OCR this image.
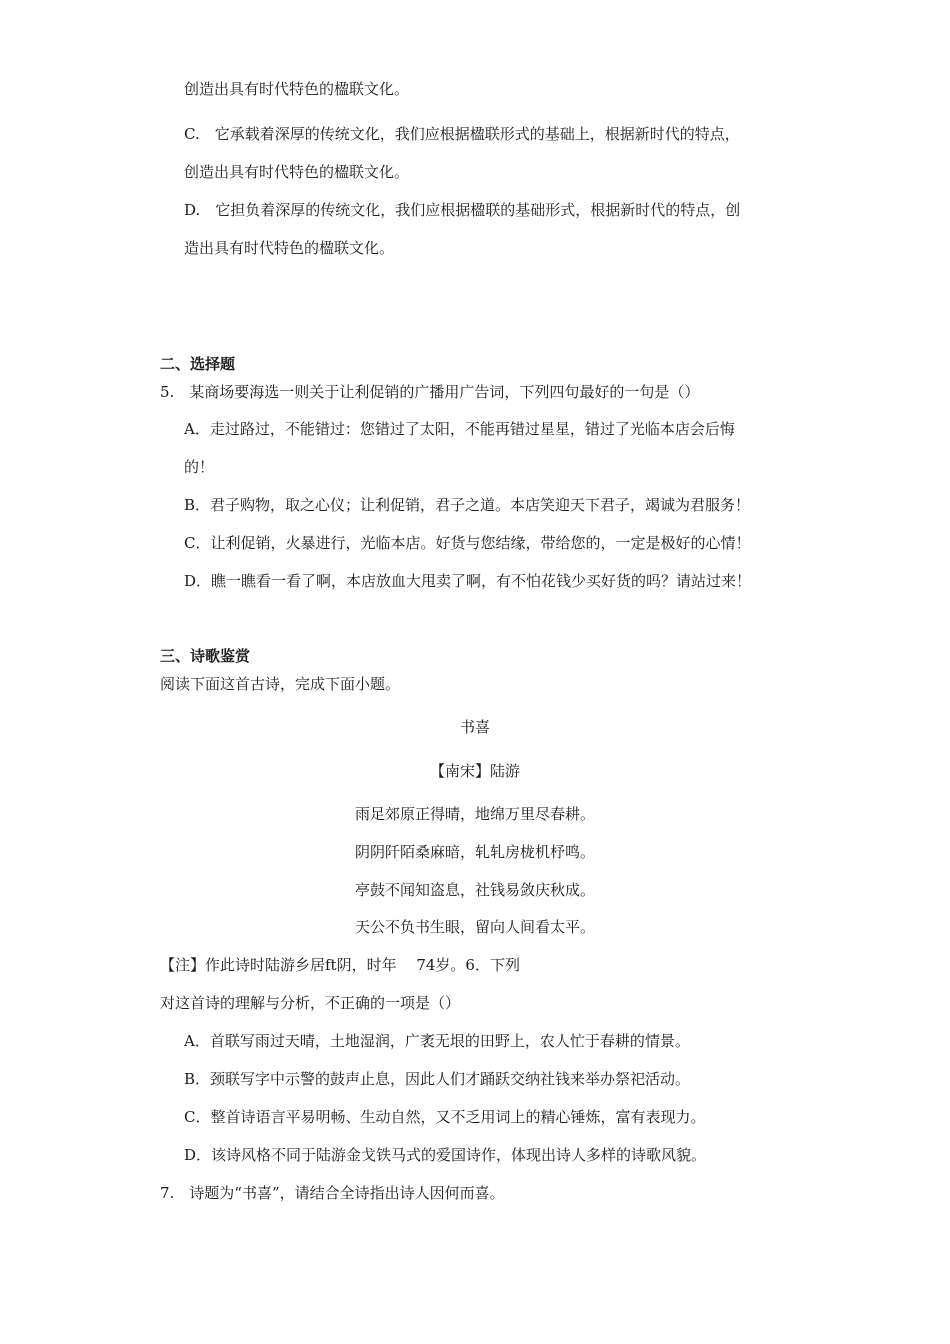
创造出具有时代特色的楹联文化。
C.　它承载着深厚的传统文化，我们应根据楹联形式的基础上，根据新时代的特点，
创造出具有时代特色的楹联文化。
D.　它担负着深厚的传统文化，我们应根据楹联的基础形式，根据新时代的特点，创
造出具有时代特色的楹联文化。
二、选择题
5.　某商场要海选一则关于让利促销的广播用广告词，下列四句最好的一句是（）
A．走过路过，不能错过：您错过了太阳，不能再错过星星，错过了光临本店会后悔
的！
B．君子购物，取之心仪；让利促销，君子之道。本店笑迎天下君子，竭诚为君服务！
C．让利促销，火暴进行，光临本店。好货与您结缘，带给您的，一定是极好的心情！
D．瞧一瞧看一看了啊，本店放血大甩卖了啊，有不怕花钱少买好货的吗？请站过来！
三、诗歌鉴赏
阅读下面这首古诗，完成下面小题。
书喜
【南宋】陆游
雨足郊原正得晴，地绵万里尽春耕。
阴阴阡陌桑麻暗，轧轧房栊机杼鸣。
亭鼓不闻知盗息，社钱易敛庆秋成。
天公不负书生眼，留向人间看太平。
【注】作此诗时陆游乡居ft阴，时年　 74岁。6．下列
对这首诗的理解与分析，不正确的一项是（）
A．首联写雨过天晴，土地湿润，广袤无垠的田野上，农人忙于春耕的情景。
B．颈联写字中示警的鼓声止息，因此人们才踊跃交纳社钱来举办祭祀活动。
C．整首诗语言平易明畅、生动自然，又不乏用词上的精心锤炼，富有表现力。
D．该诗风格不同于陆游金戈铁马式的爱国诗作，体现出诗人多样的诗歌风貌。
7.　诗题为“书喜”，请结合全诗指出诗人因何而喜。
